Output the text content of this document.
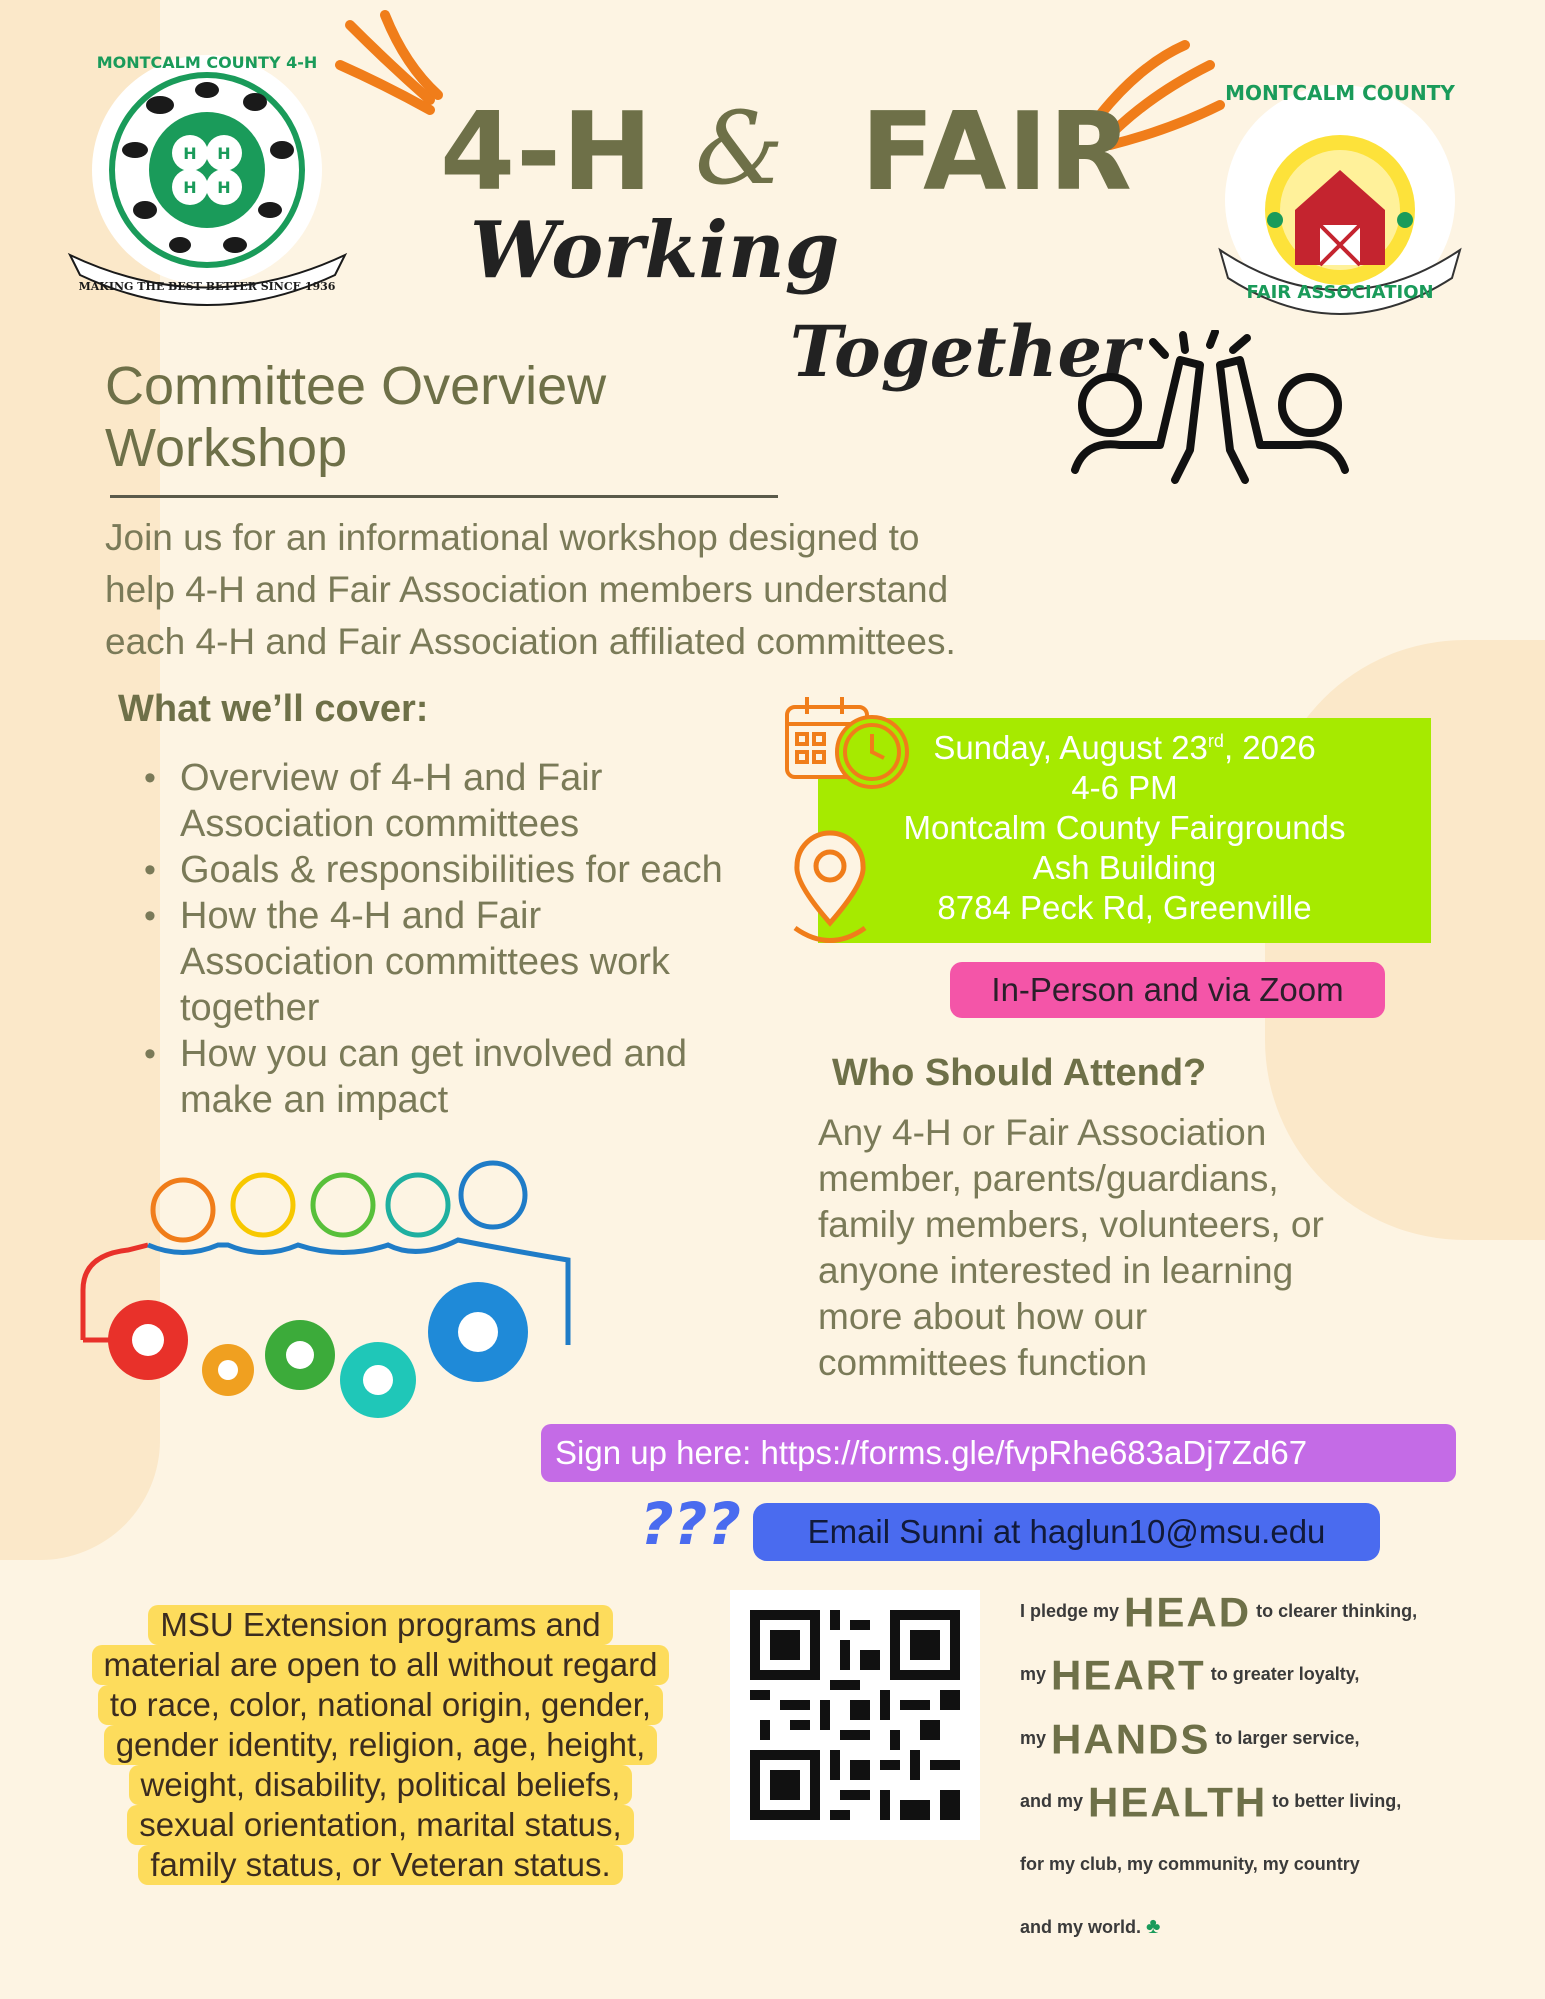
H H
H H
MONTCALM COUNTY 4-H
MAKING THE BEST BETTER SINCE 1936
4-H FAIR
&
Working
Together
MONTCALM COUNTY
FAIR ASSOCIATION
Committee Overview
Workshop
Join us for an informational workshop designed to
help 4-H and Fair Association members understand
each 4-H and Fair Association affiliated committees.
What we’ll cover:
• Overview of 4-H and Fair
Association committees
• Goals & responsibilities for each
• How the 4-H and Fair
Association committees work
together
• How you can get involved and
make an impact
Sunday, August 23rd, 2026
4-6 PM
Montcalm County Fairgrounds
Ash Building
8784 Peck Rd, Greenville
In-Person and via Zoom
Who Should Attend?
Any 4-H or Fair Association
member, parents/guardians,
family members, volunteers, or
anyone interested in learning
more about how our
committees function
Sign up here: https://forms.gle/fvpRhe683aDj7Zd67
???	Email Sunni at haglun10@msu.edu
MSU Extension programs and
material are open to all without regard
to race, color, national origin, gender,
gender identity, religion, age, height,
weight, disability, political beliefs,
sexual orientation, marital status,
family status, or Veteran status.
I pledge my HEAD to clearer thinking,
my HEART to greater loyalty,
my HANDS to larger service,
and my HEALTH to better living,
for my club, my community, my country
and my world. ♣
